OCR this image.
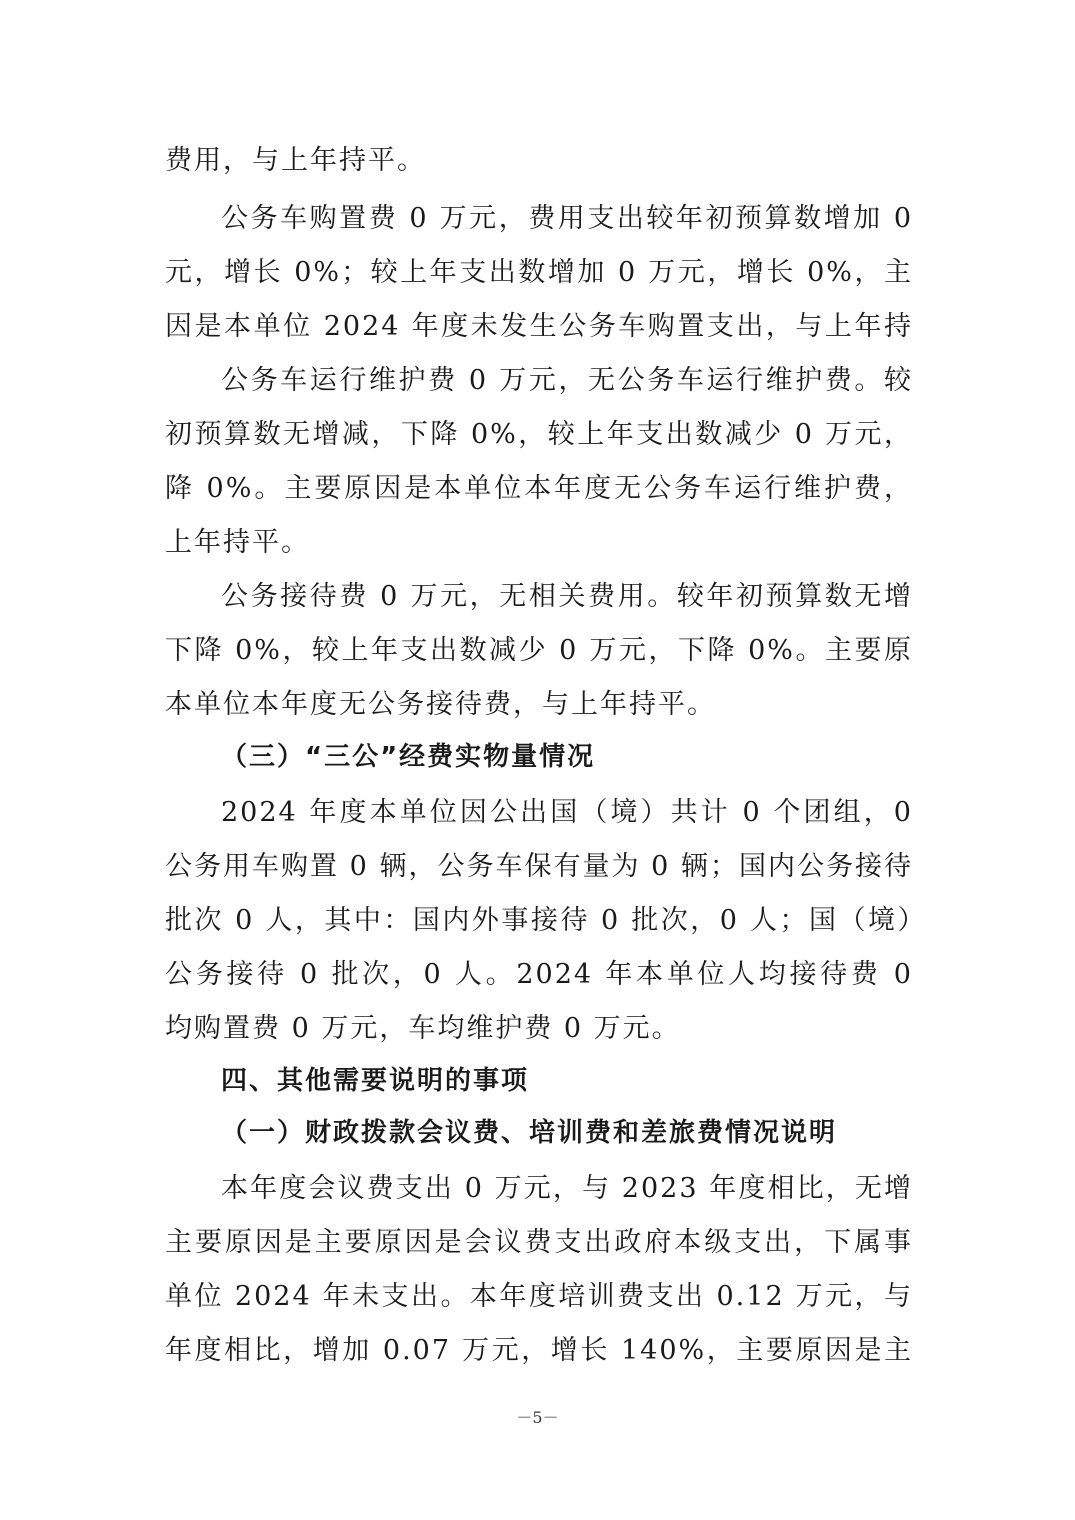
费用，与上年持平。
公务车购置费 0 万元，费用支出较年初预算数增加 0
元，增长 0%；较上年支出数增加 0 万元，增长 0%，主
因是本单位 2024 年度未发生公务车购置支出，与上年持
公务车运行维护费 0 万元，无公务车运行维护费。较
初预算数无增减，下降 0%，较上年支出数减少 0 万元，
降 0%。主要原因是本单位本年度无公务车运行维护费，
上年持平。
公务接待费 0 万元，无相关费用。较年初预算数无增
下降 0%，较上年支出数减少 0 万元，下降 0%。主要原
本单位本年度无公务接待费，与上年持平。
（三）“三公”经费实物量情况
2024 年度本单位因公出国（境）共计 0 个团组，0
公务用车购置 0 辆，公务车保有量为 0 辆；国内公务接待
批次 0 人，其中：国内外事接待 0 批次，0 人；国（境）
公务接待 0 批次，0 人。2024 年本单位人均接待费 0
均购置费 0 万元，车均维护费 0 万元。
四、其他需要说明的事项
（一）财政拨款会议费、培训费和差旅费情况说明
本年度会议费支出 0 万元，与 2023 年度相比，无增
主要原因是主要原因是会议费支出政府本级支出，下属事
单位 2024 年未支出。本年度培训费支出 0.12 万元，与
年度相比，增加 0.07 万元，增长 140%，主要原因是主
－5－
